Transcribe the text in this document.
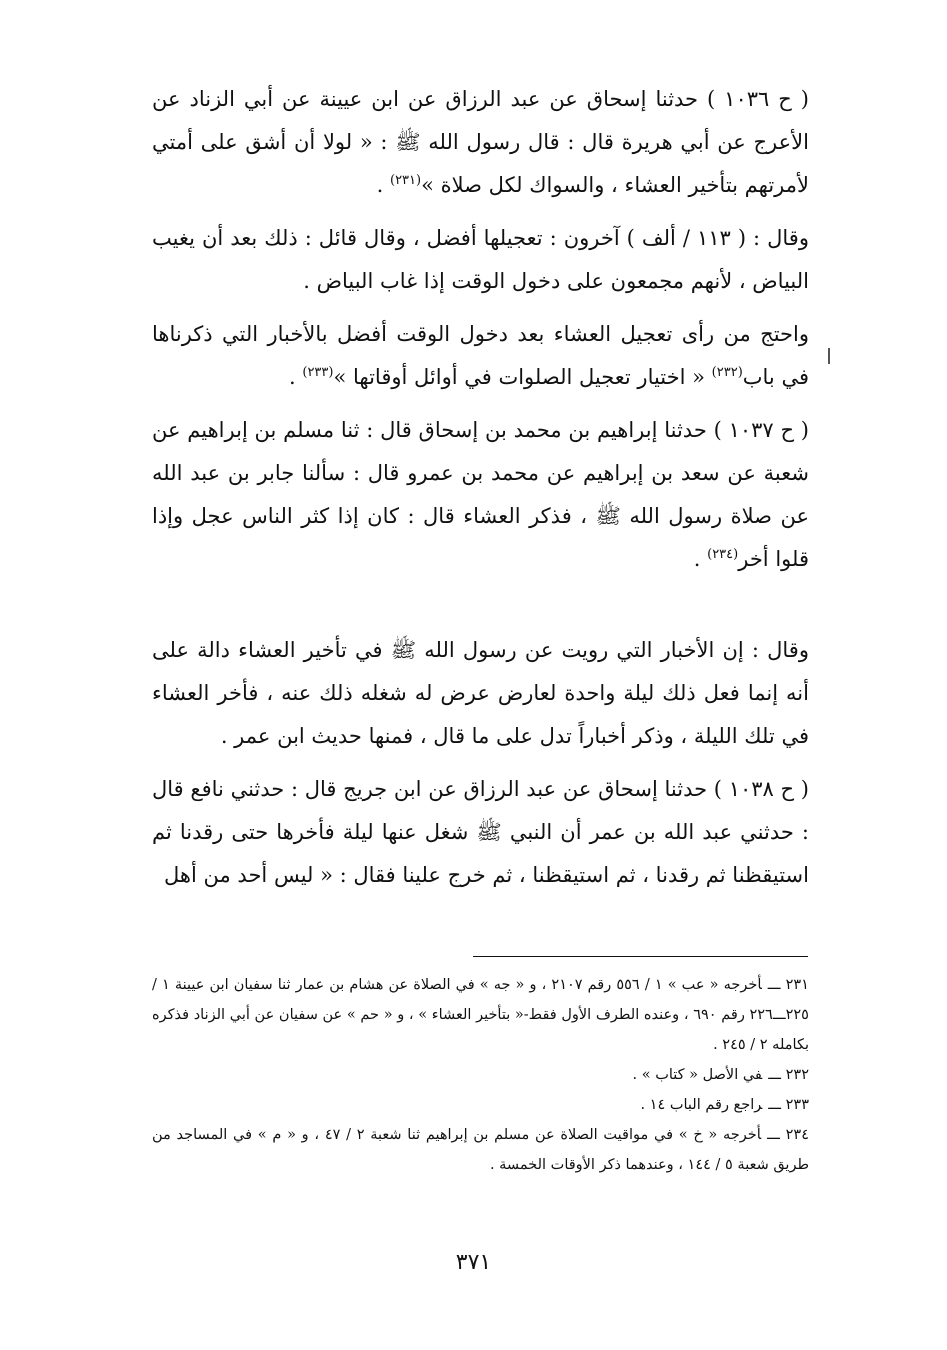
( ح ١٠٣٦ ) حدثنا إسحاق عن عبد الرزاق عن ابن عيينة عن أبي الزناد عن الأعرج عن أبي هريرة قال : قال رسول الله ﷺ : « لولا أن أشق على أمتي لأمرتهم بتأخير العشاء ، والسواك لكل صلاة »$^{(٢٣١)}$ .

وقال : ( ١١٣ / ألف ) آخرون : تعجيلها أفضل ، وقال قائل : ذلك بعد أن يغيب البياض ، لأنهم مجمعون على دخول الوقت إذا غاب البياض .

واحتج من رأى تعجيل العشاء بعد دخول الوقت أفضل بالأخبار التي ذكرناها في باب$^{(٢٣٢)}$ « اختيار تعجيل الصلوات في أوائل أوقاتها »$^{(٢٣٣)}$ .

( ح ١٠٣٧ ) حدثنا إبراهيم بن محمد بن إسحاق قال : ثنا مسلم بن إبراهيم عن شعبة عن سعد بن إبراهيم عن محمد بن عمرو قال : سألنا جابر بن عبد الله عن صلاة رسول الله ﷺ ، فذكر العشاء قال : كان إذا كثر الناس عجل وإذا قلوا أخر$^{(٢٣٤)}$ .

وقال : إن الأخبار التي رويت عن رسول الله ﷺ في تأخير العشاء دالة على أنه إنما فعل ذلك ليلة واحدة لعارض عرض له شغله ذلك عنه ، فأخر العشاء في تلك الليلة ، وذكر أخباراً تدل على ما قال ، فمنها حديث ابن عمر .

( ح ١٠٣٨ ) حدثنا إسحاق عن عبد الرزاق عن ابن جريج قال : حدثني نافع قال : حدثني عبد الله بن عمر أن النبي ﷺ شغل عنها ليلة فأخرها حتى رقدنا ثم استيقظنا ثم رقدنا ، ثم استيقظنا ، ثم خرج علينا فقال : « ليس أحد من أهل

٢٣١ ـــأخرجه « عب » ١ / ٥٥٦ رقم ٢١٠٧ ، و « جه » في الصلاة عن هشام بن عمار ثنا سفيان ابن عيينة ١ / ٢٢٥ـــ٢٢٦ رقم ٦٩٠ ، وعنده الطرف الأول فقط-« بتأخير العشاء » ، و « حم » عن سفيان عن أبي الزناد فذكره بكامله ٢ / ٢٤٥ .

٢٣٢ ـــفي الأصل « كتاب » .

٢٣٣ ـــراجع رقم الباب ١٤ .

٢٣٤ ـــأخرجه « خ » في مواقيت الصلاة عن مسلم بن إبراهيم ثنا شعبة ٢ / ٤٧ ، و « م » في المساجد من طريق شعبة ٥ / ١٤٤ ، وعندهما ذكر الأوقات الخمسة .

٣٧١
